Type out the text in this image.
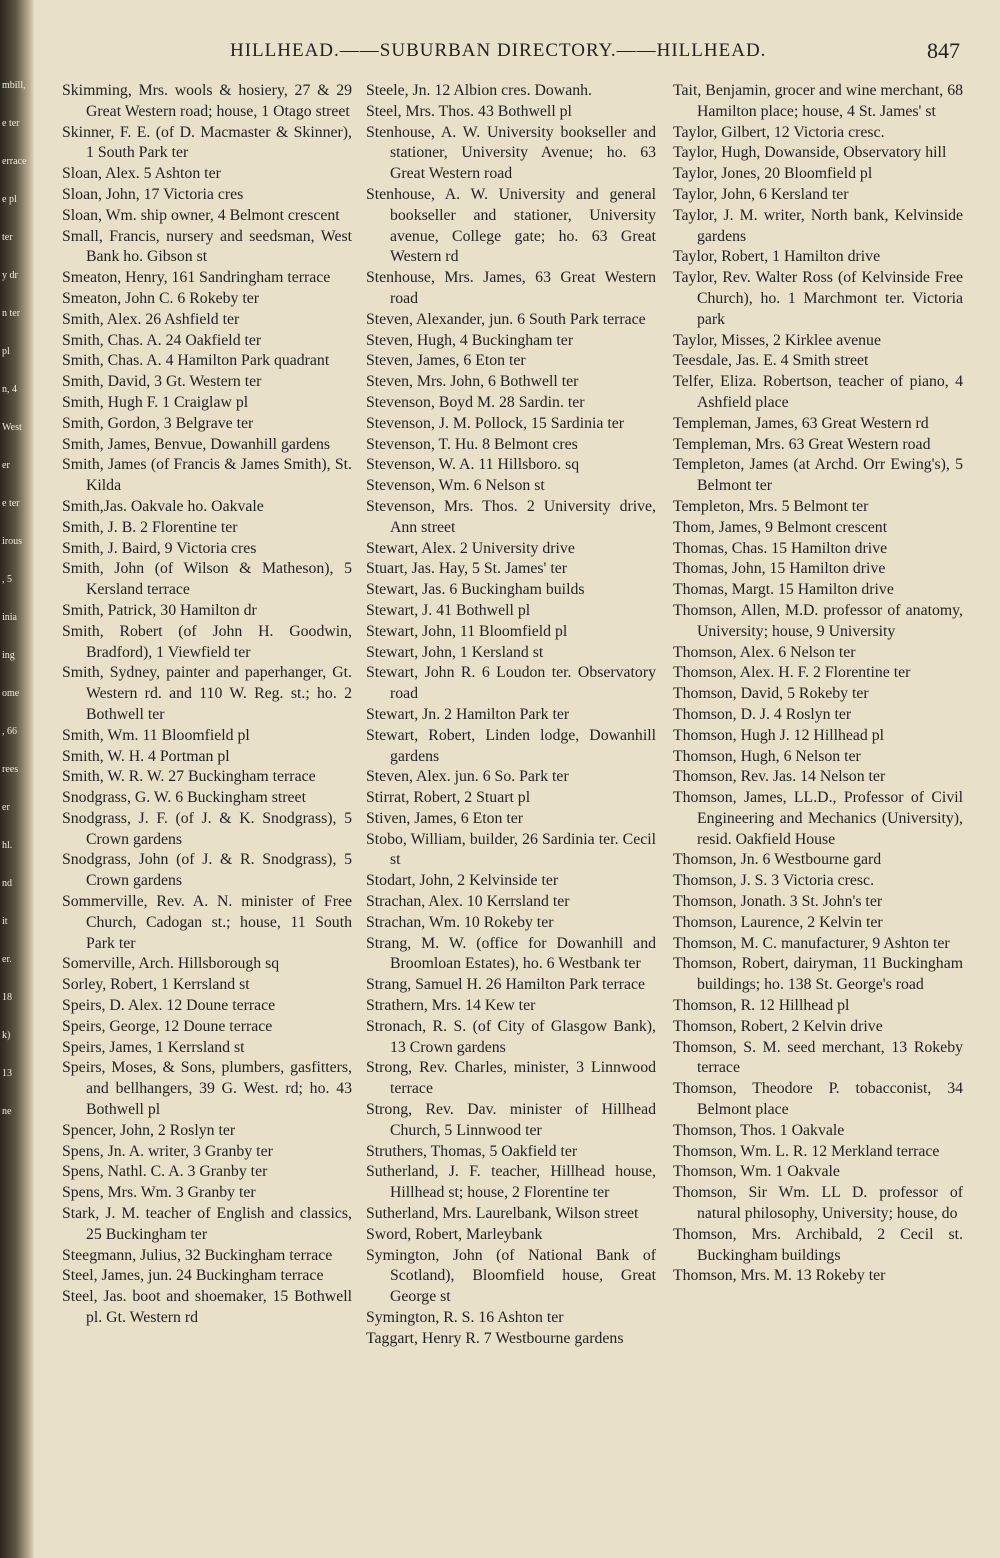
mbill,
e ter
errace
e pl
ter
y dr
n ter
pl
n, 4
West
er
e ter
irous
, 5
inia
ing
ome
, 66
rees
er
hl.
nd
it
er.
18
k)
13
ne
HILLHEAD.——SUBURBAN DIRECTORY.——HILLHEAD.	847

Skimming, Mrs. wools & hosiery, 27 & 29 Great Western road; house, 1 Otago street

Skinner, F. E. (of D. Macmaster & Skinner), 1 South Park ter

Sloan, Alex. 5 Ashton ter

Sloan, John, 17 Victoria cres

Sloan, Wm. ship owner, 4 Belmont crescent

Small, Francis, nursery and seedsman, West Bank ho. Gibson st

Smeaton, Henry, 161 Sandringham terrace

Smeaton, John C. 6 Rokeby ter

Smith, Alex. 26 Ashfield ter

Smith, Chas. A. 24 Oakfield ter

Smith, Chas. A. 4 Hamilton Park quadrant

Smith, David, 3 Gt. Western ter

Smith, Hugh F. 1 Craiglaw pl

Smith, Gordon, 3 Belgrave ter

Smith, James, Benvue, Dowanhill gardens

Smith, James (of Francis & James Smith), St. Kilda

Smith,Jas. Oakvale ho. Oakvale

Smith, J. B. 2 Florentine ter

Smith, J. Baird, 9 Victoria cres

Smith, John (of Wilson & Matheson), 5 Kersland terrace

Smith, Patrick, 30 Hamilton dr

Smith, Robert (of John H. Goodwin, Bradford), 1 Viewfield ter

Smith, Sydney, painter and paperhanger, Gt. Western rd. and 110 W. Reg. st.; ho. 2 Bothwell ter

Smith, Wm. 11 Bloomfield pl

Smith, W. H. 4 Portman pl

Smith, W. R. W. 27 Buckingham terrace

Snodgrass, G. W. 6 Buckingham street

Snodgrass, J. F. (of J. & K. Snodgrass), 5 Crown gardens

Snodgrass, John (of J. & R. Snodgrass), 5 Crown gardens

Sommerville, Rev. A. N. minister of Free Church, Cadogan st.; house, 11 South Park ter

Somerville, Arch. Hillsborough sq

Sorley, Robert, 1 Kerrsland st

Speirs, D. Alex. 12 Doune terrace

Speirs, George, 12 Doune terrace

Speirs, James, 1 Kerrsland st

Speirs, Moses, & Sons, plumbers, gasfitters, and bellhangers, 39 G. West. rd; ho. 43 Bothwell pl

Spencer, John, 2 Roslyn ter

Spens, Jn. A. writer, 3 Granby ter

Spens, Nathl. C. A. 3 Granby ter

Spens, Mrs. Wm. 3 Granby ter

Stark, J. M. teacher of English and classics, 25 Buckingham ter

Steegmann, Julius, 32 Buckingham terrace

Steel, James, jun. 24 Buckingham terrace

Steel, Jas. boot and shoemaker, 15 Bothwell pl. Gt. Western rd

Steele, Jn. 12 Albion cres. Dowanh.

Steel, Mrs. Thos. 43 Bothwell pl

Stenhouse, A. W. University bookseller and stationer, University Avenue; ho. 63 Great Western road

Stenhouse, A. W. University and general bookseller and stationer, University avenue, College gate; ho. 63 Great Western rd

Stenhouse, Mrs. James, 63 Great Western road

Steven, Alexander, jun. 6 South Park terrace

Steven, Hugh, 4 Buckingham ter

Steven, James, 6 Eton ter

Steven, Mrs. John, 6 Bothwell ter

Stevenson, Boyd M. 28 Sardin. ter

Stevenson, J. M. Pollock, 15 Sardinia ter

Stevenson, T. Hu. 8 Belmont cres

Stevenson, W. A. 11 Hillsboro. sq

Stevenson, Wm. 6 Nelson st

Stevenson, Mrs. Thos. 2 University drive, Ann street

Stewart, Alex. 2 University drive

Stuart, Jas. Hay, 5 St. James' ter

Stewart, Jas. 6 Buckingham builds

Stewart, J. 41 Bothwell pl

Stewart, John, 11 Bloomfield pl

Stewart, John, 1 Kersland st

Stewart, John R. 6 Loudon ter. Observatory road

Stewart, Jn. 2 Hamilton Park ter

Stewart, Robert, Linden lodge, Dowanhill gardens

Steven, Alex. jun. 6 So. Park ter

Stirrat, Robert, 2 Stuart pl

Stiven, James, 6 Eton ter

Stobo, William, builder, 26 Sardinia ter. Cecil st

Stodart, John, 2 Kelvinside ter

Strachan, Alex. 10 Kerrsland ter

Strachan, Wm. 10 Rokeby ter

Strang, M. W. (office for Dowanhill and Broomloan Estates), ho. 6 Westbank ter

Strang, Samuel H. 26 Hamilton Park terrace

Strathern, Mrs. 14 Kew ter

Stronach, R. S. (of City of Glasgow Bank), 13 Crown gardens

Strong, Rev. Charles, minister, 3 Linnwood terrace

Strong, Rev. Dav. minister of Hillhead Church, 5 Linnwood ter

Struthers, Thomas, 5 Oakfield ter

Sutherland, J. F. teacher, Hillhead house, Hillhead st; house, 2 Florentine ter

Sutherland, Mrs. Laurelbank, Wilson street

Sword, Robert, Marleybank

Symington, John (of National Bank of Scotland), Bloomfield house, Great George st

Symington, R. S. 16 Ashton ter

Taggart, Henry R. 7 Westbourne gardens

Tait, Benjamin, grocer and wine merchant, 68 Hamilton place; house, 4 St. James' st

Taylor, Gilbert, 12 Victoria cresc.

Taylor, Hugh, Dowanside, Observatory hill

Taylor, Jones, 20 Bloomfield pl

Taylor, John, 6 Kersland ter

Taylor, J. M. writer, North bank, Kelvinside gardens

Taylor, Robert, 1 Hamilton drive

Taylor, Rev. Walter Ross (of Kelvinside Free Church), ho. 1 Marchmont ter. Victoria park

Taylor, Misses, 2 Kirklee avenue

Teesdale, Jas. E. 4 Smith street

Telfer, Eliza. Robertson, teacher of piano, 4 Ashfield place

Templeman, James, 63 Great Western rd

Templeman, Mrs. 63 Great Western road

Templeton, James (at Archd. Orr Ewing's), 5 Belmont ter

Templeton, Mrs. 5 Belmont ter

Thom, James, 9 Belmont crescent

Thomas, Chas. 15 Hamilton drive

Thomas, John, 15 Hamilton drive

Thomas, Margt. 15 Hamilton drive

Thomson, Allen, M.D. professor of anatomy, University; house, 9 University

Thomson, Alex. 6 Nelson ter

Thomson, Alex. H. F. 2 Florentine ter

Thomson, David, 5 Rokeby ter

Thomson, D. J. 4 Roslyn ter

Thomson, Hugh J. 12 Hillhead pl

Thomson, Hugh, 6 Nelson ter

Thomson, Rev. Jas. 14 Nelson ter

Thomson, James, LL.D., Professor of Civil Engineering and Mechanics (University), resid. Oakfield House

Thomson, Jn. 6 Westbourne gard

Thomson, J. S. 3 Victoria cresc.

Thomson, Jonath. 3 St. John's ter

Thomson, Laurence, 2 Kelvin ter

Thomson, M. C. manufacturer, 9 Ashton ter

Thomson, Robert, dairyman, 11 Buckingham buildings; ho. 138 St. George's road

Thomson, R. 12 Hillhead pl

Thomson, Robert, 2 Kelvin drive

Thomson, S. M. seed merchant, 13 Rokeby terrace

Thomson, Theodore P. tobacconist, 34 Belmont place

Thomson, Thos. 1 Oakvale

Thomson, Wm. L. R. 12 Merkland terrace

Thomson, Wm. 1 Oakvale

Thomson, Sir Wm. LL D. professor of natural philosophy, University; house, do

Thomson, Mrs. Archibald, 2 Cecil st. Buckingham buildings

Thomson, Mrs. M. 13 Rokeby ter
